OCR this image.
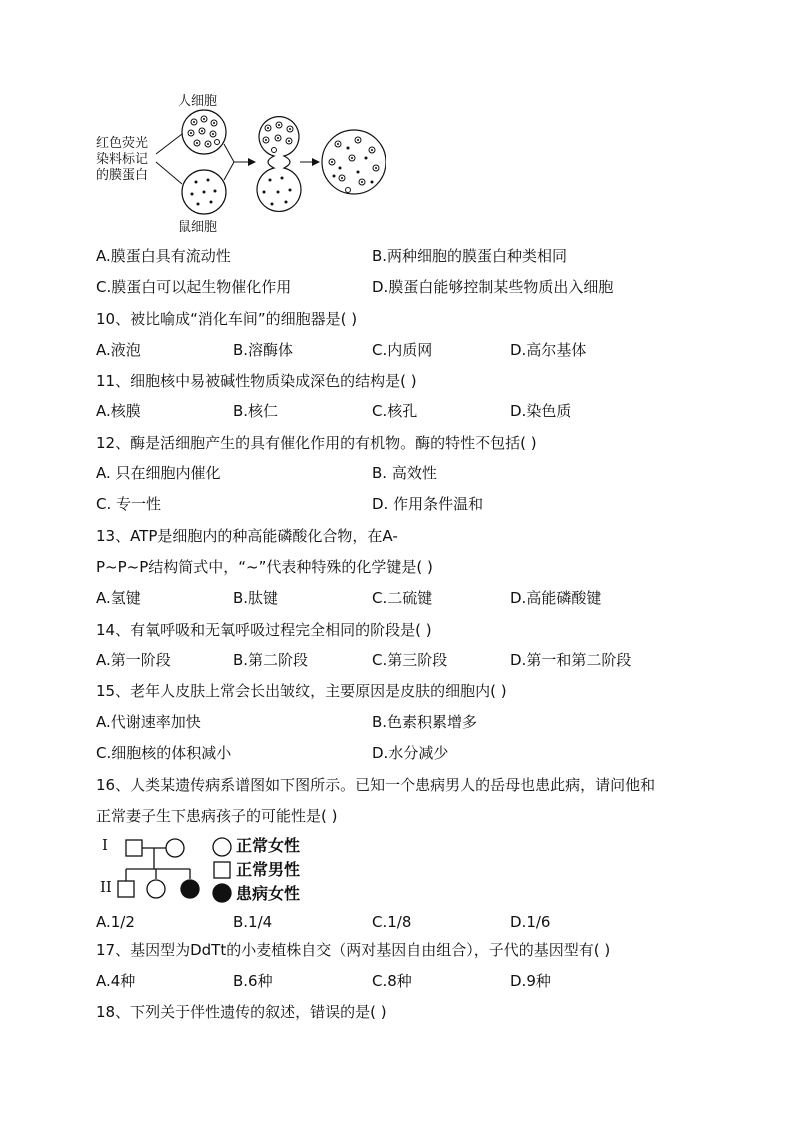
人细胞
红色荧光
染料标记
的膜蛋白
鼠细胞
A.膜蛋白具有流动性	B.两种细胞的膜蛋白种类相同
C.膜蛋白可以起生物催化作用	D.膜蛋白能够控制某些物质出入细胞
10、被比喻成“消化车间”的细胞器是( )
A.液泡	B.溶酶体	C.内质网	D.高尔基体
11、细胞核中易被碱性物质染成深色的结构是( )
A.核膜	B.核仁	C.核孔	D.染色质
12、酶是活细胞产生的具有催化作用的有机物。酶的特性不包括( )
A. 只在细胞内催化	B. 高效性
C. 专一性	D. 作用条件温和
13、ATP是细胞内的种高能磷酸化合物，在A-
P~P~P结构简式中，“~”代表种特殊的化学键是( )
A.氢键	B.肽键	C.二硫键	D.高能磷酸键
14、有氧呼吸和无氧呼吸过程完全相同的阶段是( )
A.第一阶段	B.第二阶段	C.第三阶段	D.第一和第二阶段
15、老年人皮肤上常会长出皱纹，主要原因是皮肤的细胞内( )
A.代谢速率加快	B.色素积累增多
C.细胞核的体积减小	D.水分减少
16、人类某遗传病系谱图如下图所示。已知一个患病男人的岳母也患此病，请问他和
正常妻子生下患病孩子的可能性是( )
I
II
正常女性
正常男性
患病女性
A.1/2	B.1/4	C.1/8	D.1/6
17、基因型为DdTt的小麦植株自交（两对基因自由组合），子代的基因型有( )
A.4种	B.6种	C.8种	D.9种
18、下列关于伴性遗传的叙述，错误的是( )
